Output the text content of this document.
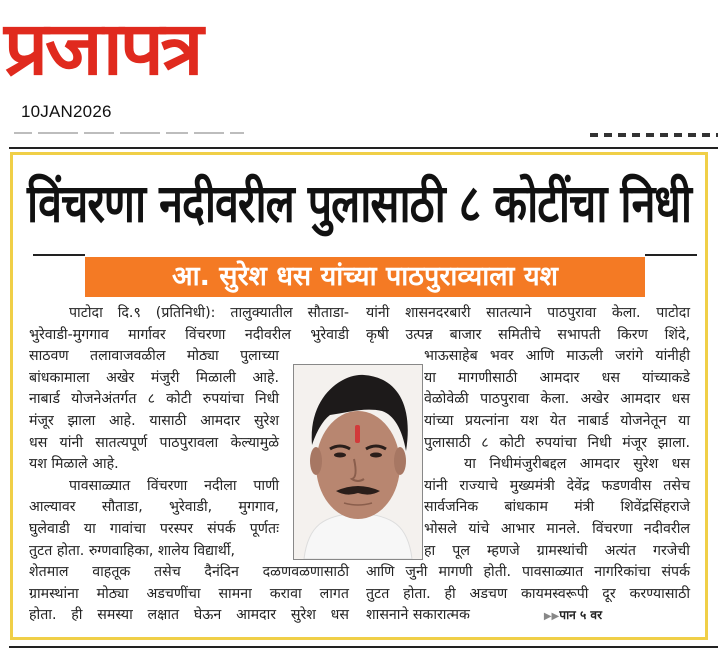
प्रजापत्र
10JAN2026
विंचरणा नदीवरील पुलासाठी ८ कोटींचा निधी
आ. सुरेश धस यांच्या पाठपुराव्याला यश
पाटोदा दि.९ (प्रतिनिधी): तालुक्यातील सौताडा-
भुरेवाडी-मुगगाव मार्गावर विंचरणा नदीवरील भुरेवाडी
साठवण तलावाजवळील मोठ्या पुलाच्या
बांधकामाला अखेर मंजुरी मिळाली आहे.
नाबार्ड योजनेअंतर्गत ८ कोटी रुपयांचा निधी
मंजूर झाला आहे. यासाठी आमदार सुरेश
धस यांनी सातत्यपूर्ण पाठपुरावला केल्यामुळे
यश मिळाले आहे.
पावसाळ्यात विंचरणा नदीला पाणी
आल्यावर सौताडा, भुरेवाडी, मुगगाव,
घुलेवाडी या गावांचा परस्पर संपर्क पूर्णतः
तुटत होता. रुग्णवाहिका, शालेय विद्यार्थी,
शेतमाल वाहतूक तसेच दैनंदिन दळणवळणासाठी
ग्रामस्थांना मोठ्या अडचणींचा सामना करावा लागत
होता. ही समस्या लक्षात घेऊन आमदार सुरेश धस
यांनी शासनदरबारी सातत्याने पाठपुरावा केला. पाटोदा
कृषी उत्पन्न बाजार समितीचे सभापती किरण शिंदे,
भाऊसाहेब भवर आणि माऊली जरांगे यांनीही
या मागणीसाठी आमदार धस यांच्याकडे
वेळोवेळी पाठपुरावा केला. अखेर आमदार धस
यांच्या प्रयत्नांना यश येत नाबार्ड योजनेतून या
पुलासाठी ८ कोटी रुपयांचा निधी मंजूर झाला.
या निधीमंजुरीबद्दल आमदार सुरेश धस
यांनी राज्याचे मुख्यमंत्री देवेंद्र फडणवीस तसेच
सार्वजनिक बांधकाम मंत्री शिवेंद्रसिंहराजे
भोसले यांचे आभार मानले. विंचरणा नदीवरील
हा पूल म्हणजे ग्रामस्थांची अत्यंत गरजेची
आणि जुनी मागणी होती. पावसाळ्यात नागरिकांचा संपर्क
तुटत होता. ही अडचण कायमस्वरूपी दूर करण्यासाठी
शासनाने सकारात्मक	▶▶पान ५ वर
